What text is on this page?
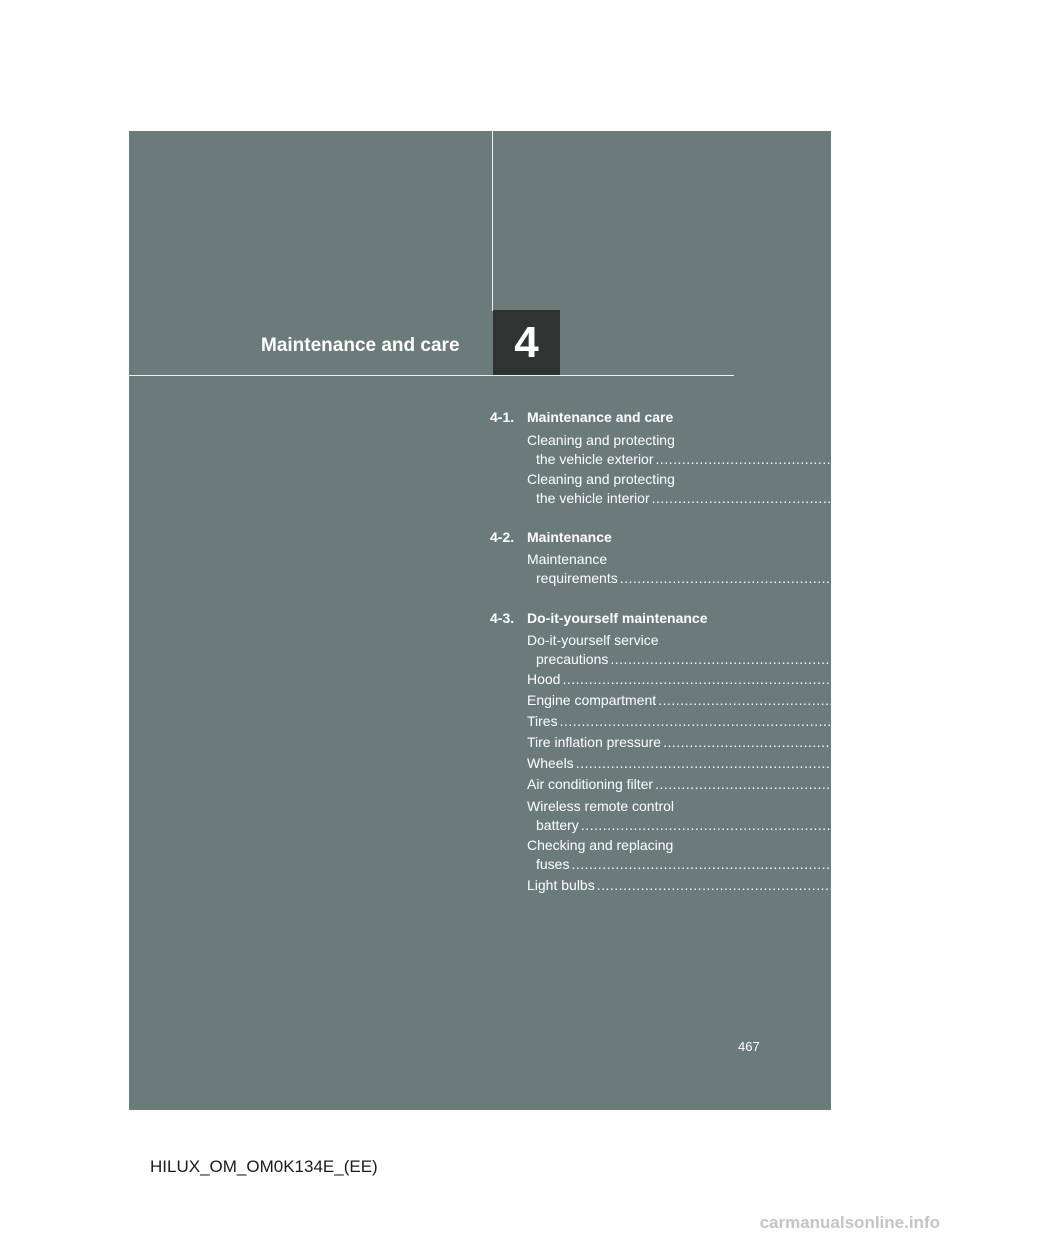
Maintenance and care	4
4-1. Maintenance and care
Cleaning and protecting
the vehicle exterior ................................................................................ 466
Cleaning and protecting
the vehicle interior ................................................................................ 470
4-2. Maintenance
Maintenance
requirements ................................................................................ 474
4-3. Do-it-yourself maintenance
Do-it-yourself service
precautions ................................................................................ 478
Hood ................................................................................ 482
Engine compartment ................................................................................ 484
Tires ................................................................................ 501
Tire inflation pressure ................................................................................ 505
Wheels ................................................................................ 507
Air conditioning filter ................................................................................ 509
Wireless remote control
battery ................................................................................ 511
Checking and replacing
fuses ................................................................................ 514
Light bulbs ................................................................................ 530
467
HILUX_OM_OM0K134E_(EE)
carmanualsonline.info
